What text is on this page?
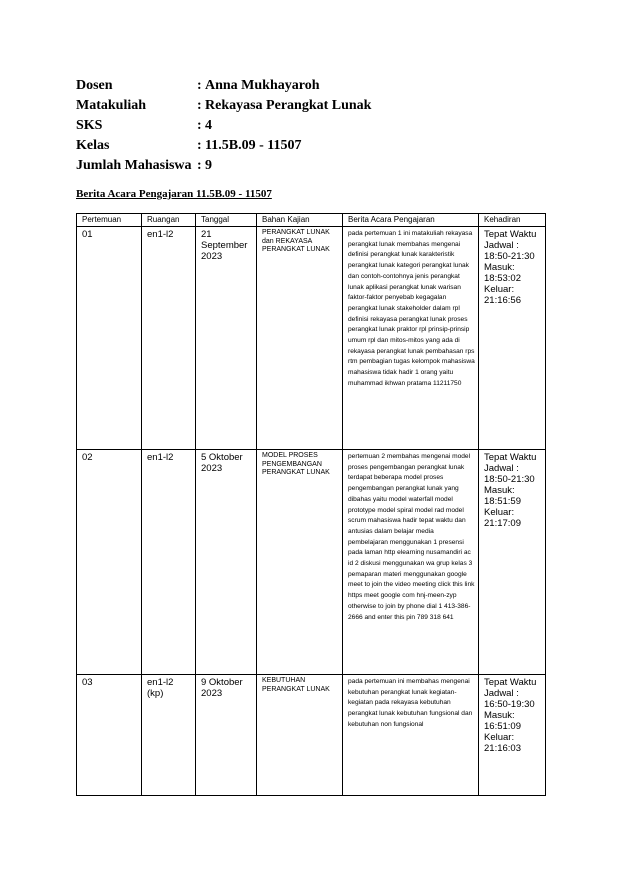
Dosen	: Anna Mukhayaroh
Matakuliah	: Rekayasa Perangkat Lunak
SKS	: 4
Kelas	: 11.5B.09 - 11507
Jumlah Mahasiswa : 9
Berita Acara Pengajaran 11.5B.09 - 11507
Pertemuan	Ruangan	Tanggal	Bahan Kajian	Berita Acara Pengajaran	Kehadiran
01	en1-l2	21 September 2023	PERANGKAT LUNAK dan REKAYASA PERANGKAT LUNAK	pada pertemuan 1 ini matakuliah rekayasa perangkat lunak membahas mengenai definisi perangkat lunak karakteristik perangkat lunak kategori perangkat lunak dan contoh-contohnya jenis perangkat lunak aplikasi perangkat lunak warisan faktor-faktor penyebab kegagalan perangkat lunak stakeholder dalam rpl definisi rekayasa perangkat lunak proses perangkat lunak praktor rpl prinsip-prinsip umum rpl dan mitos-mitos yang ada di rekayasa perangkat lunak pembahasan rps rtm pembagian tugas kelompok mahasiswa mahasiswa tidak hadir 1 orang yaitu muhammad ikhwan pratama 11211750	Tepat Waktu Jadwal : 18:50-21:30 Masuk: 18:53:02 Keluar: 21:16:56
02	en1-l2	5 Oktober 2023	MODEL PROSES PENGEMBANGAN PERANGKAT LUNAK	pertemuan 2 membahas mengenai model proses pengembangan perangkat lunak terdapat beberapa model proses pengembangan perangkat lunak yang dibahas yaitu model waterfall model prototype model spiral model rad model scrum mahasiswa hadir tepat waktu dan antusias dalam belajar media pembelajaran menggunakan 1 presensi pada laman http elearning nusamandiri ac id 2 diskusi menggunakan wa grup kelas 3 pemaparan materi menggunakan google meet to join the video meeting click this link https meet google com hnj-meen-zyp otherwise to join by phone dial 1 413-386-2666 and enter this pin 789 318 641	Tepat Waktu Jadwal : 18:50-21:30 Masuk: 18:51:59 Keluar: 21:17:09
03	en1-l2 (kp)	9 Oktober 2023	KEBUTUHAN PERANGKAT LUNAK	pada pertemuan ini membahas mengenai kebutuhan perangkat lunak kegiatan-kegiatan pada rekayasa kebutuhan perangkat lunak kebutuhan fungsional dan kebutuhan non fungsional	Tepat Waktu Jadwal : 16:50-19:30 Masuk: 16:51:09 Keluar: 21:16:03
